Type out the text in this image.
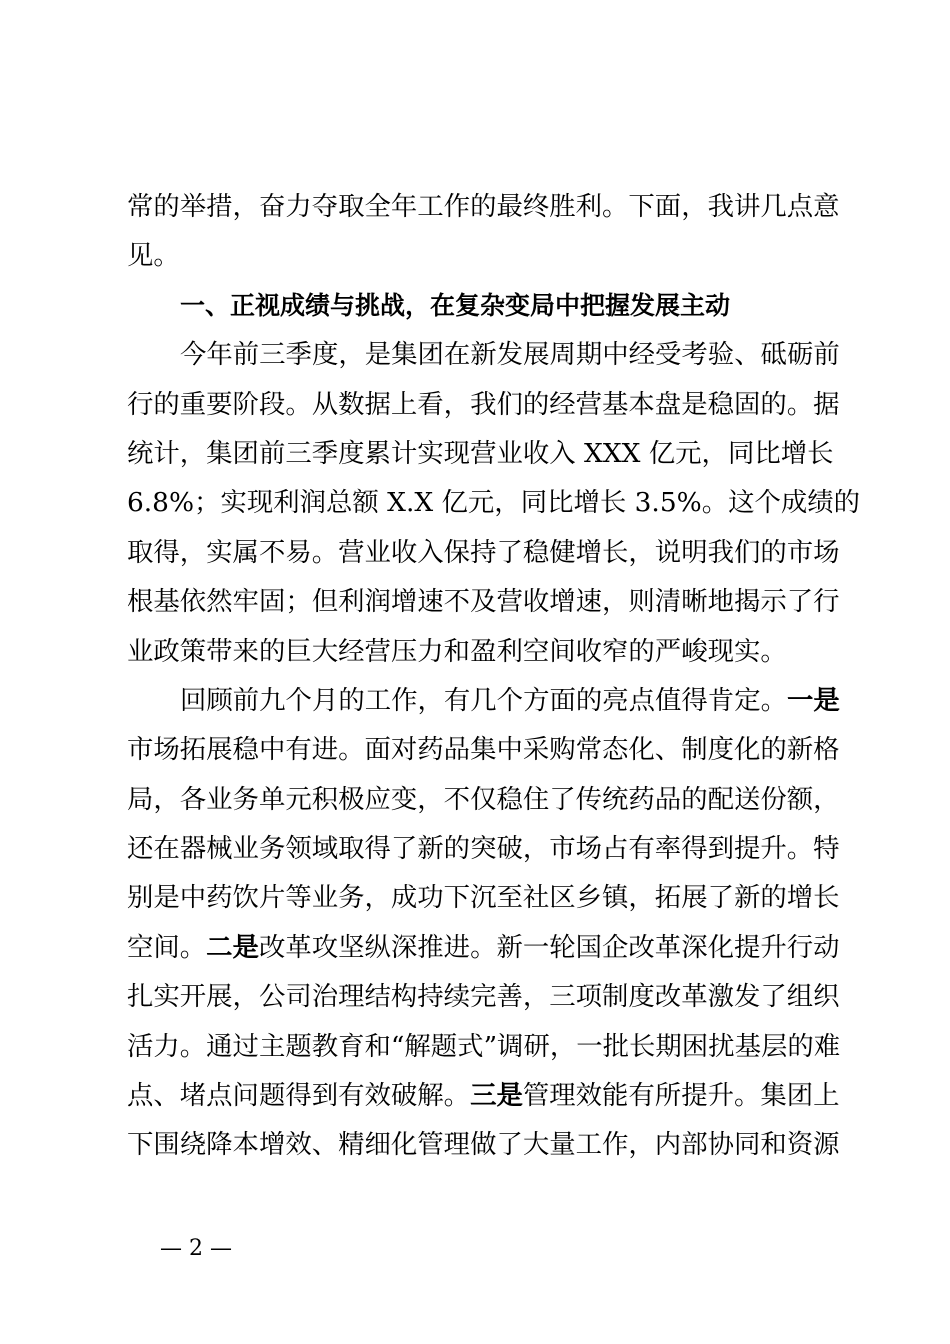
常的举措，奋力夺取全年工作的最终胜利。下面，我讲几点意
见。
一、正视成绩与挑战，在复杂变局中把握发展主动
今年前三季度，是集团在新发展周期中经受考验、砥砺前
行的重要阶段。从数据上看，我们的经营基本盘是稳固的。据
统计，集团前三季度累计实现营业收入 XXX 亿元，同比增长
6.8%；实现利润总额 X.X 亿元，同比增长 3.5%。这个成绩的
取得，实属不易。营业收入保持了稳健增长，说明我们的市场
根基依然牢固；但利润增速不及营收增速，则清晰地揭示了行
业政策带来的巨大经营压力和盈利空间收窄的严峻现实。
回顾前九个月的工作，有几个方面的亮点值得肯定。一是
市场拓展稳中有进。面对药品集中采购常态化、制度化的新格
局，各业务单元积极应变，不仅稳住了传统药品的配送份额，
还在器械业务领域取得了新的突破，市场占有率得到提升。特
别是中药饮片等业务，成功下沉至社区乡镇，拓展了新的增长
空间。二是改革攻坚纵深推进。新一轮国企改革深化提升行动
扎实开展，公司治理结构持续完善，三项制度改革激发了组织
活力。通过主题教育和“解题式”调研，一批长期困扰基层的难
点、堵点问题得到有效破解。三是管理效能有所提升。集团上
下围绕降本增效、精细化管理做了大量工作，内部协同和资源
— 2 —
